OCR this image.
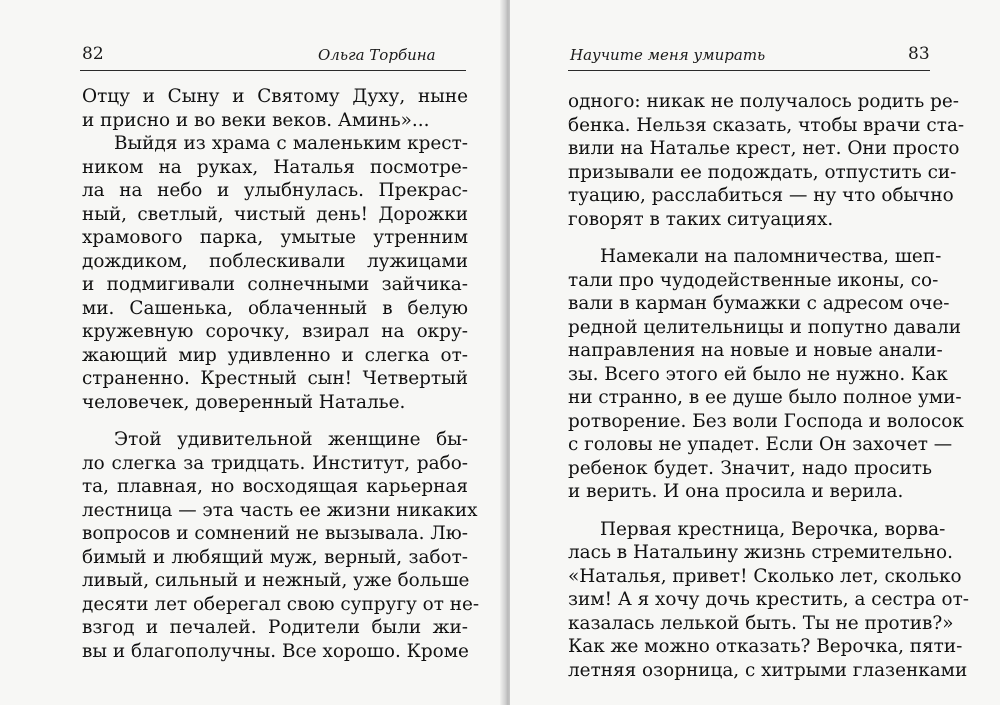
82	Ольга Торбина
Отцу и Сыну и Святому Духу, ныне
и присно и во веки веков. Аминь»...
Выйдя из храма с маленьким крест-
ником на руках, Наталья посмотре-
ла на небо и улыбнулась. Прекрас-
ный, светлый, чистый день! Дорожки
храмового парка, умытые утренним
дождиком, поблескивали лужицами
и подмигивали солнечными зайчика-
ми. Сашенька, облаченный в белую
кружевную сорочку, взирал на окру-
жающий мир удивленно и слегка от-
страненно. Крестный сын! Четвертый
человечек, доверенный Наталье.
Этой удивительной женщине бы-
ло слегка за тридцать. Институт, рабо-
та, плавная, но восходящая карьерная
лестница — эта часть ее жизни никаких
вопросов и сомнений не вызывала. Лю-
бимый и любящий муж, верный, забот-
ливый, сильный и нежный, уже больше
десяти лет оберегал свою супругу от не-
взгод и печалей. Родители были жи-
вы и благополучны. Все хорошо. Кроме
Научите меня умирать	83
одного: никак не получалось родить ре-
бенка. Нельзя сказать, чтобы врачи ста-
вили на Наталье крест, нет. Они просто
призывали ее подождать, отпустить си-
туацию, расслабиться — ну что обычно
говорят в таких ситуациях.
Намекали на паломничества, шеп-
тали про чудодейственные иконы, со-
вали в карман бумажки с адресом оче-
редной целительницы и попутно давали
направления на новые и новые анали-
зы. Всего этого ей было не нужно. Как
ни странно, в ее душе было полное уми-
ротворение. Без воли Господа и волосок
с головы не упадет. Если Он захочет —
ребенок будет. Значит, надо просить
и верить. И она просила и верила.
Первая крестница, Верочка, ворва-
лась в Натальину жизнь стремительно.
«Наталья, привет! Сколько лет, сколько
зим! А я хочу дочь крестить, а сестра от-
казалась лелькой быть. Ты не против?»
Как же можно отказать? Верочка, пяти-
летняя озорница, с хитрыми глазенками
